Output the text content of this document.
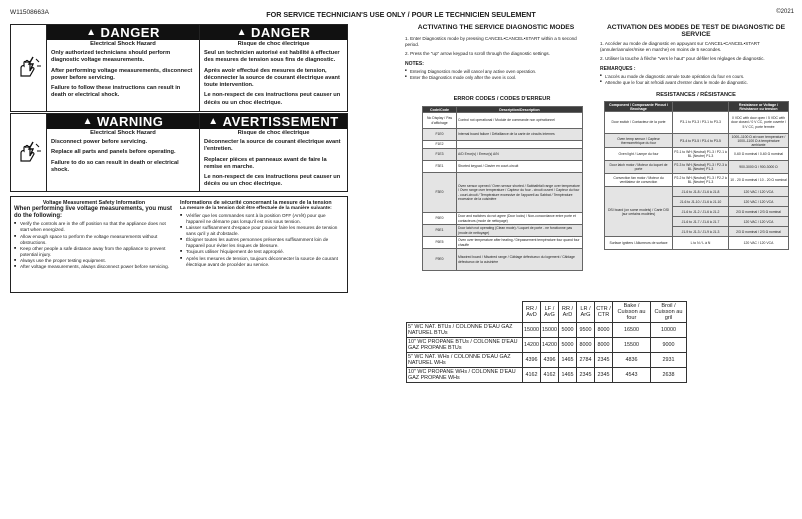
W11508663A	FOR SERVICE TECHNICIAN'S USE ONLY / POUR LE TECHNICIEN SEULEMENT	©2021
▲ DANGER
Electrical Shock Hazard
Only authorized technicians should perform diagnostic voltage measurements.
After performing voltage measurements, disconnect power before servicing.
Failure to follow these instructions can result in death or electrical shock.
▲ DANGER
Risque de choc électrique
Seul un technicien autorisé est habilité à effectuer des mesures de tension sous fins de diagnostic.
Après avoir effectué des mesures de tension, déconnecter la source de courant électrique avant toute intervention.
Le non-respect de ces instructions peut causer un décès ou un choc électrique.
▲ WARNING
Electrical Shock Hazard
Disconnect power before servicing.
Replace all parts and panels before operating.
Failure to do so can result in death or electrical shock.
▲ AVERTISSEMENT
Risque de choc électrique
Déconnecter la source de courant électrique avant l'entretien.
Replacer pièces et panneaux avant de faire la remise en marche.
Le non-respect de ces instructions peut causer un décès ou un choc électrique.
Voltage Measurement Safety Information
When performing live voltage measurements, you must do the following:
■ Verify the controls are in the off position so that the appliance does not start when energized.
■ Allow enough space to perform the voltage measurements without obstructions.
■ Keep other people a safe distance away from the appliance to prevent potential injury.
■ Always use the proper testing equipment.
■ After voltage measurements, always disconnect power before servicing.
Informations de sécurité concernant la mesure de la tension
La mesure de la tension doit être effectuée de la manière suivante:
■ Vérifier que les commandes sont à la position OFF (Arrêt) pour que l'appareil ne démarre pas lorsqu'il est mis sous tension.
■ Laisser suffisamment d'espace pour pouvoir faire les mesures de tension sans qu'il y ait d'obstacle.
■ Éloigner toutes les autres personnes présentes suffisamment loin de l'appareil pour éviter les risques de blessure.
■ Toujours utiliser l'équipement de test approprié.
■ Après les mesures de tension, toujours déconnecter la source de courant électrique avant de procéder au service.
ACTIVATING THE SERVICE DIAGNOSTIC MODES
1. Enter Diagnostics mode by pressing CANCEL•CANCEL•START within a 5 second period.
2. Press the "up" arrow keypad to scroll through the diagnostic settings.
NOTES:
■ Entering Diagnostics mode will cancel any active oven operation.
■ Enter the Diagnostics mode only after the oven is cool.
ACTIVATION DES MODES DE TEST DE DIAGNOSTIC DE SERVICE
1. Accéder au mode de diagnostic en appuyant sur CANCEL•CANCEL•START (annuler/annuler/mise en marche) en moins de 5 secondes.
2. Utiliser la touche à flèche "vers le haut" pour défiler les réglages de diagnostic.
REMARQUES :
■ L'accès au mode de diagnostic annule toute opération du four en cours.
■ Attendre que le four ait refroidi avant d'entrer dans le mode de diagnostic.
ERROR CODES / CODES D'ERREUR
Code/Code	Description/Description
No Display / Pas d'affichage	Control not operational / Module de commande non opérationnel
F1E0	Internal board failure / Défaillance de la carte de circuits internes
F1E2	
F1E3	A/D Error(s) / Erreur(s) A/N
F3E1	Shorted keypad / Clavier en court-circuit
F3E0	Oven sensor opened / Oven sensor shorted / Sabbathfail range over temperature / Oven range over temperature / Capteur du four - circuit ouvert / Capteur du four - court-circuit / Température excessive de l'appareil au Sabbat / Température excessive de la cuisinière
F6E0	Door and switches do not agree (Door locks) / Non-concordance entre porte et contacteurs (mode de nettoyage)
F6E1	Door latch not operating (Clean mode) / Loquet de porte - ne fonctionne pas (mode de nettoyage)
F6E5	Oven over temperature after heating / Dépassement température four quand four chauffe
F9E0	Miswired board / Miswired range / Câblage défectueux du logement / Câblage défectueux de la cuisinière
RESISTANCES / RÉSISTANCE
Component / Composante Pinout / Brochage		Resistance or Voltage / Résistance ou tension
Door switch / Contacteur de la porte	P3-1 to P3-3 / P3-1 to P3-3	0 VDC with door open / 5 VDC with door closed / 0 V CC, porte ouverte / 5 V CC, porte fermée
Oven temp sensor / Capteur thermométrique du four	P3-4 to P3-5 / P3-4 to P3-5	1000–1100 Ω at room temperature / 1000–1100 Ω à température ambiante
Oven light / Lampe du four	P2-1 to WH (Neutral) P1-3 / P2-1 à BL (Neutre) P1-3	0-60 Ω nominal / 0-60 Ω nominal
Door latch motor / Moteur du loquet de porte	P2-3 to WH (Neutral) P1-3 / P2-3 à BL (Neutre) P1-3	900-3000 Ω / 900-3000 Ω
Convection fan motor / Moteur du ventilateur de convection	P2-2 to WH (Neutral) P1-3 / P2-2 à BL (Neutre) P1-3	10 - 20 Ω nominal / 10 - 20 Ω nominal
DSI board (on some models) / Carte DSI (sur certains modèles)	J1-6 to J1-8 / J1-6 à J1-8	120 VAC / 120 VCA
	J1-6 to J1-10 / J1-6 à J1-10	120 VAC / 120 VCA
	J1-6 to J1-2 / J1-6 à J1-2	2/3 Ω nominal / 2/3 Ω nominal
	J1-6 to J1-7 / J1-6 à J1-7	120 VAC / 120 VCA
	J1-9 to J1-3 / J1-9 à J1-3	2/3 Ω nominal / 2/3 Ω nominal
Surface igniters / Allumeurs de surface	L to N / L à N	120 VAC / 120 VCA
	RR / AvD	LF / AvG	RR / ArD	LR / ArG	CTR / CTR	Bake / Cuisson au four	Broil / Cuisson au gril
5" WC NAT. BTUs / COLONNE D'EAU GAZ NATUREL BTUs	15000	15000	5000	9500	8000	16500	10000
10" WC PROPANE BTUs / COLONNE D'EAU GAZ PROPANE BTUs	14200	14200	5000	8000	8000	15500	9000
5" WC NAT. WHs / COLONNE D'EAU GAZ NATUREL WHs	4396	4396	1465	2784	2345	4836	2931
10" WC PROPANE WHs / COLONNE D'EAU GAZ PROPANE WHs	4162	4162	1465	2345	2345	4543	2638
